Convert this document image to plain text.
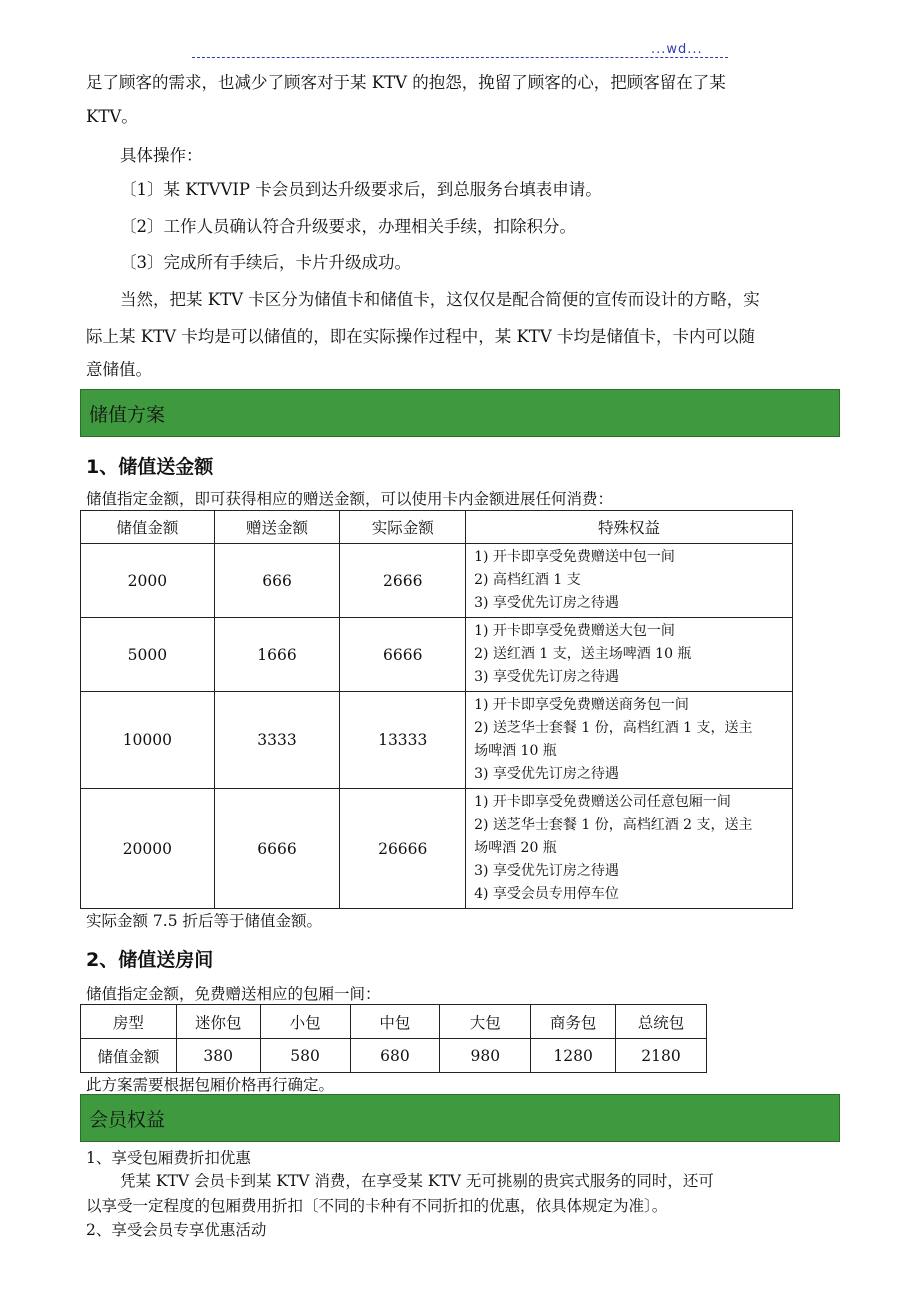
...wd...
足了顾客的需求，也减少了顾客对于某 KTV 的抱怨，挽留了顾客的心，把顾客留在了某
KTV。
具体操作：
〔1〕某 KTVVIP 卡会员到达升级要求后，到总服务台填表申请。
〔2〕工作人员确认符合升级要求，办理相关手续，扣除积分。
〔3〕完成所有手续后，卡片升级成功。
当然，把某 KTV 卡区分为储值卡和储值卡，这仅仅是配合简便的宣传而设计的方略，实
际上某 KTV 卡均是可以储值的，即在实际操作过程中，某 KTV 卡均是储值卡，卡内可以随
意储值。
储值方案
1、储值送金额
储值指定金额，即可获得相应的赠送金额，可以使用卡内金额进展任何消费：
储值金额	赠送金额	实际金额	特殊权益
2000	666	2666	1) 开卡即享受免费赠送中包一间
2) 高档红酒 1 支
3) 享受优先订房之待遇

5000	1666	6666	1) 开卡即享受免费赠送大包一间
2) 送红酒 1 支，送主场啤酒 10 瓶
3) 享受优先订房之待遇

10000	3333	13333	1) 开卡即享受免费赠送商务包一间
2) 送芝华士套餐 1 份，高档红酒 1 支，送主
场啤酒 10 瓶
3) 享受优先订房之待遇

20000	6666	26666	1) 开卡即享受免费赠送公司任意包厢一间
2) 送芝华士套餐 1 份，高档红酒 2 支，送主
场啤酒 20 瓶
3) 享受优先订房之待遇
4) 享受会员专用停车位
实际金额 7.5 折后等于储值金额。
2、储值送房间
储值指定金额，免费赠送相应的包厢一间：
房型	迷你包	小包	中包	大包	商务包	总统包
储值金额	380	580	680	980	1280	2180
此方案需要根据包厢价格再行确定。
会员权益
1、享受包厢费折扣优惠
凭某 KTV 会员卡到某 KTV 消费，在享受某 KTV 无可挑剔的贵宾式服务的同时，还可
以享受一定程度的包厢费用折扣〔不同的卡种有不同折扣的优惠，依具体规定为准〕。
2、享受会员专享优惠活动
